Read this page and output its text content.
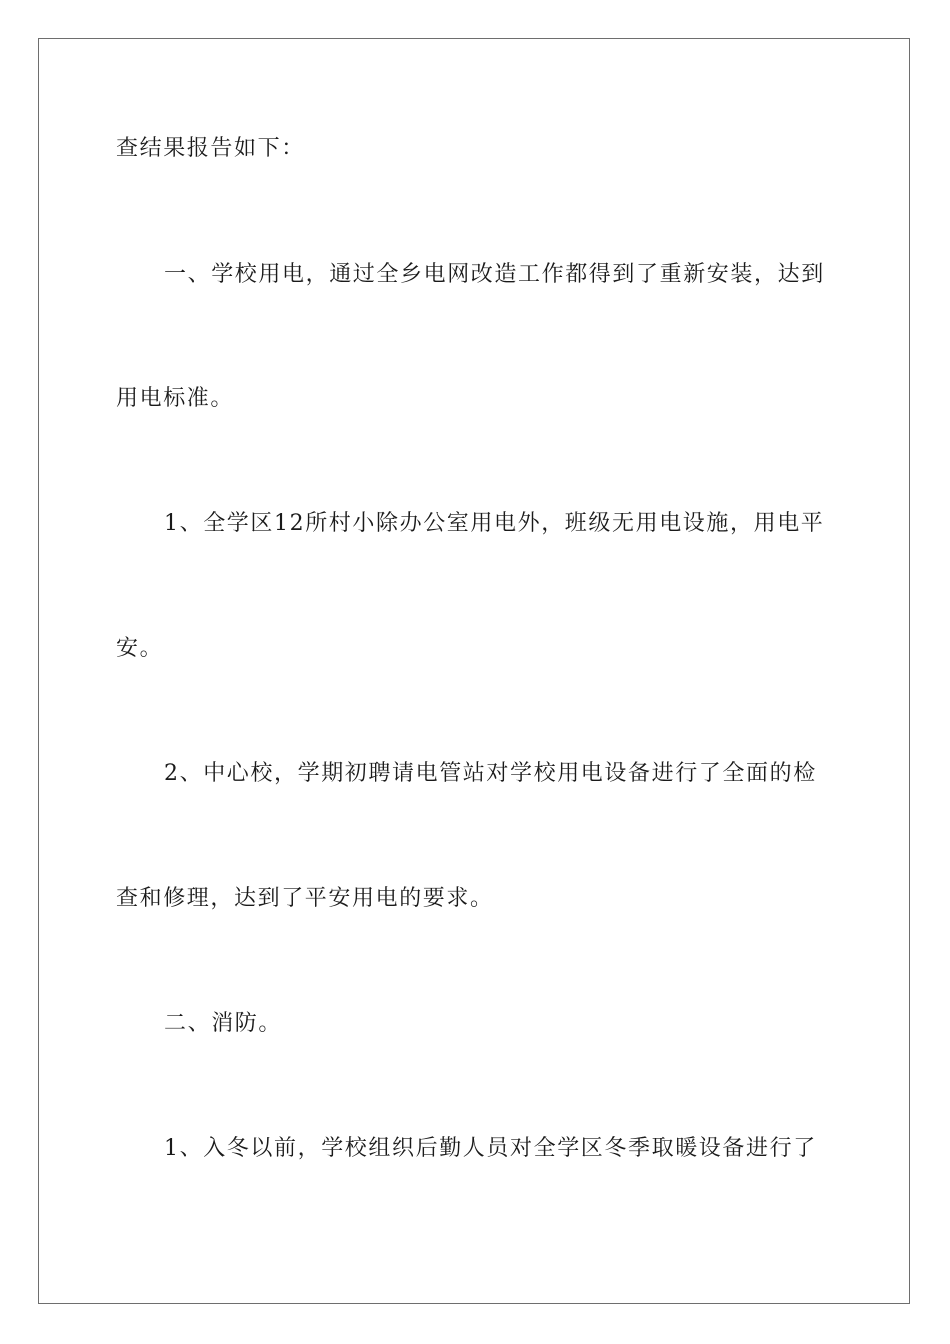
查结果报告如下：
一、学校用电，通过全乡电网改造工作都得到了重新安装，达到
用电标准。
1、全学区12所村小除办公室用电外，班级无用电设施，用电平
安。
2、中心校，学期初聘请电管站对学校用电设备进行了全面的检
查和修理，达到了平安用电的要求。
二、消防。
1、入冬以前，学校组织后勤人员对全学区冬季取暖设备进行了
